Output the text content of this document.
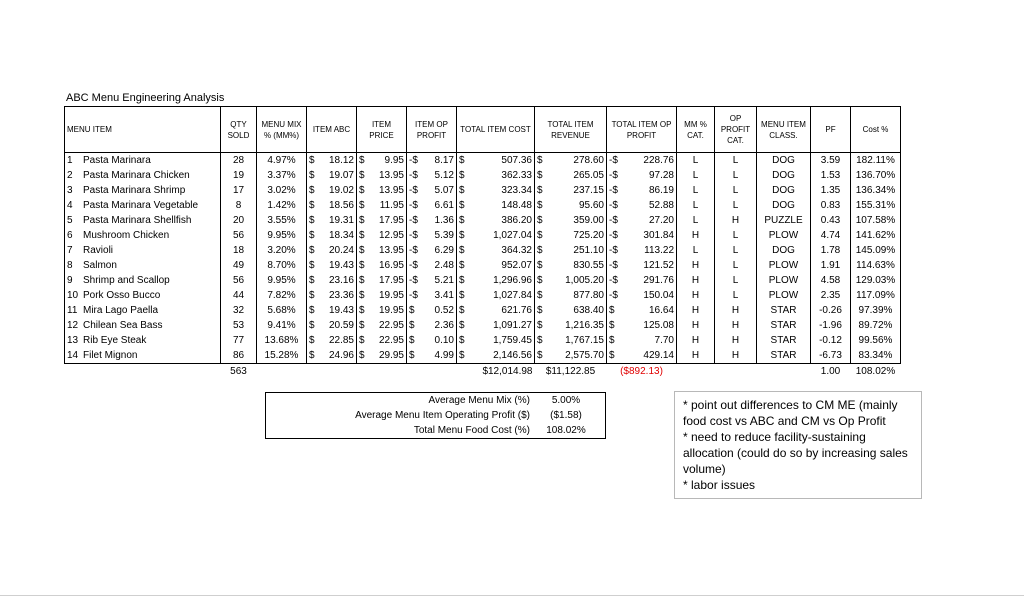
ABC Menu Engineering Analysis
MENU ITEM	QTY SOLD	MENU MIX % (MM%)	ITEM ABC	ITEM PRICE	ITEM OP PROFIT	TOTAL ITEM COST	TOTAL ITEM REVENUE	TOTAL ITEM OP PROFIT	MM % CAT.	OP PROFIT CAT.	MENU ITEM CLASS.	PF	Cost %
1 Pasta Marinara	28	4.97%	$ 18.12	$ 9.95	-$ 8.17	$ 507.36	$ 278.60	-$ 228.76	L	L	DOG	3.59	182.11%
2 Pasta Marinara Chicken	19	3.37%	$ 19.07	$ 13.95	-$ 5.12	$ 362.33	$ 265.05	-$ 97.28	L	L	DOG	1.53	136.70%
3 Pasta Marinara Shrimp	17	3.02%	$ 19.02	$ 13.95	-$ 5.07	$ 323.34	$ 237.15	-$ 86.19	L	L	DOG	1.35	136.34%
4 Pasta Marinara Vegetable	8	1.42%	$ 18.56	$ 11.95	-$ 6.61	$ 148.48	$ 95.60	-$ 52.88	L	L	DOG	0.83	155.31%
5 Pasta Marinara Shellfish	20	3.55%	$ 19.31	$ 17.95	-$ 1.36	$ 386.20	$ 359.00	-$ 27.20	L	H	PUZZLE	0.43	107.58%
6 Mushroom Chicken	56	9.95%	$ 18.34	$ 12.95	-$ 5.39	$ 1,027.04	$ 725.20	-$ 301.84	H	L	PLOW	4.74	141.62%
7 Ravioli	18	3.20%	$ 20.24	$ 13.95	-$ 6.29	$ 364.32	$ 251.10	-$ 113.22	L	L	DOG	1.78	145.09%
8 Salmon	49	8.70%	$ 19.43	$ 16.95	-$ 2.48	$ 952.07	$ 830.55	-$ 121.52	H	L	PLOW	1.91	114.63%
9 Shrimp and Scallop	56	9.95%	$ 23.16	$ 17.95	-$ 5.21	$ 1,296.96	$ 1,005.20	-$ 291.76	H	L	PLOW	4.58	129.03%
10 Pork Osso Bucco	44	7.82%	$ 23.36	$ 19.95	-$ 3.41	$ 1,027.84	$ 877.80	-$ 150.04	H	L	PLOW	2.35	117.09%
11 Mira Lago Paella	32	5.68%	$ 19.43	$ 19.95	$ 0.52	$ 621.76	$ 638.40	$ 16.64	H	H	STAR	-0.26	97.39%
12 Chilean Sea Bass	53	9.41%	$ 20.59	$ 22.95	$ 2.36	$ 1,091.27	$ 1,216.35	$ 125.08	H	H	STAR	-1.96	89.72%
13 Rib Eye Steak	77	13.68%	$ 22.85	$ 22.95	$ 0.10	$ 1,759.45	$ 1,767.15	$ 7.70	H	H	STAR	-0.12	99.56%
14 Filet Mignon	86	15.28%	$ 24.96	$ 29.95	$ 4.99	$ 2,146.56	$ 2,575.70	$ 429.14	H	H	STAR	-6.73	83.34%
	563					$12,014.98	$11,122.85	($892.13)				1.00	108.02%
Average Menu Mix (%)	5.00%
Average Menu Item Operating Profit ($)	($1.58)
Total Menu Food Cost (%)	108.02%
* point out differences to CM ME (mainly food cost vs ABC and CM vs Op Profit
* need to reduce facility-sustaining allocation (could do so by increasing sales volume)
* labor issues
